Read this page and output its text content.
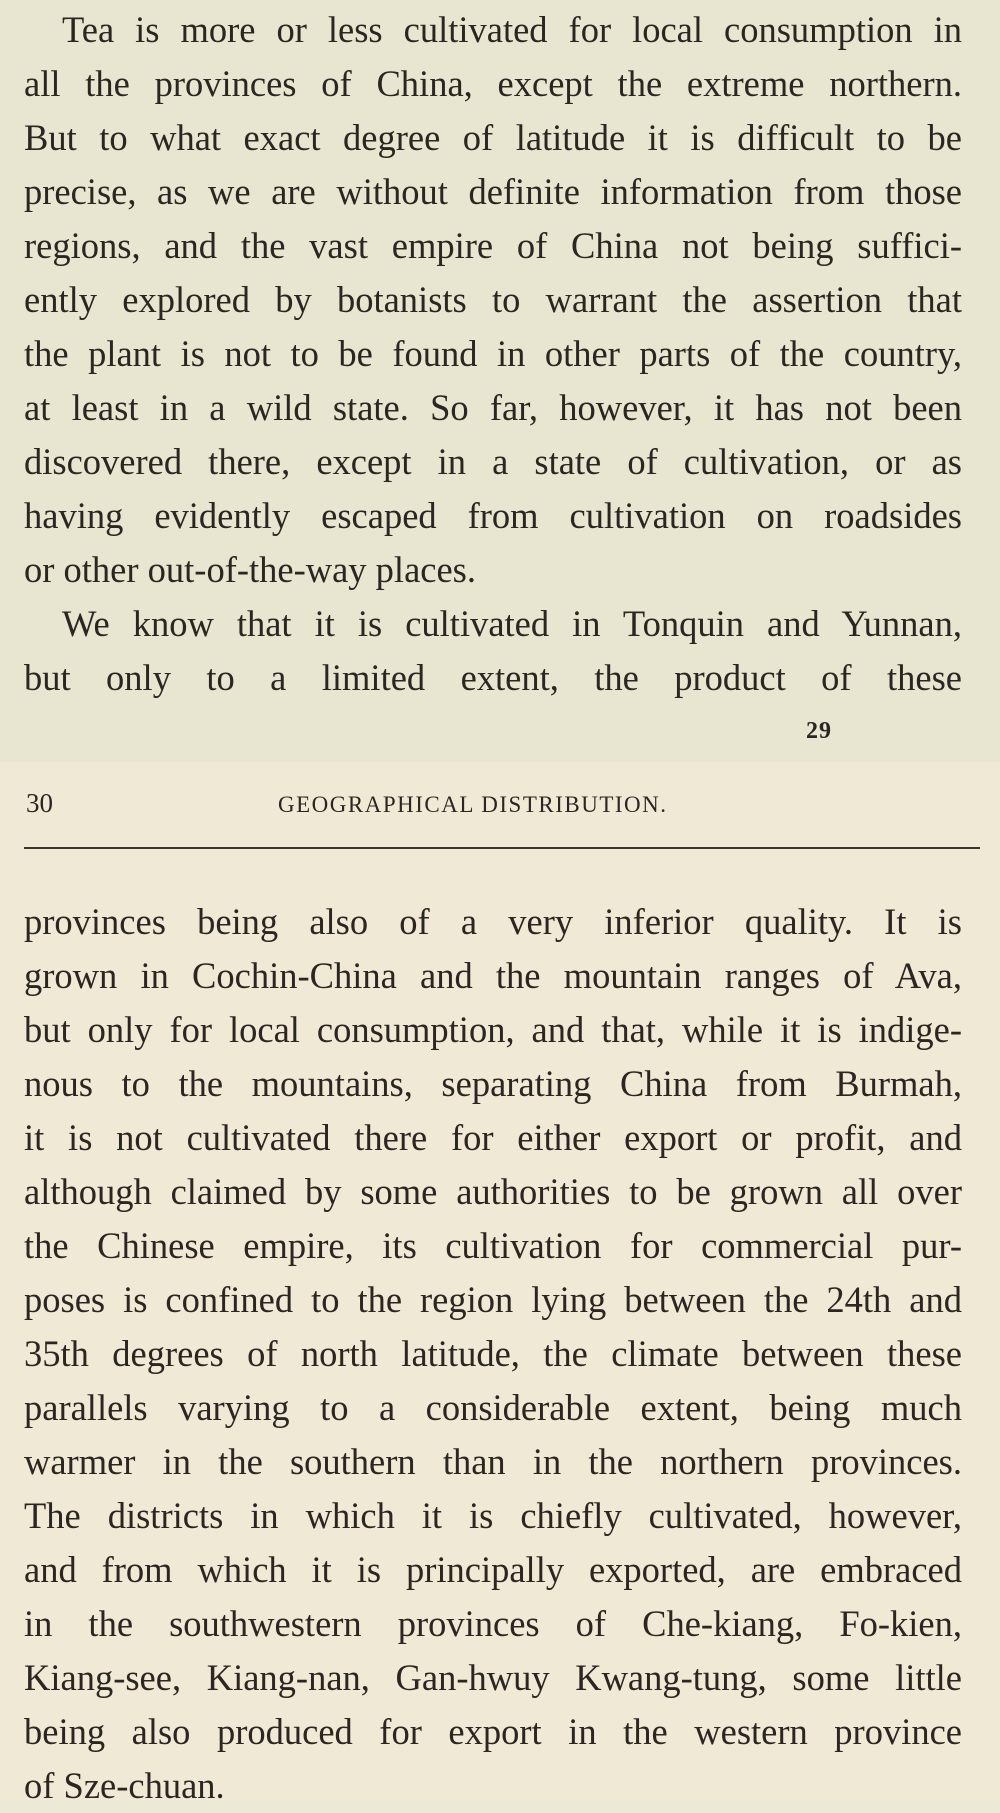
Tea is more or less cultivated for local consumption in
all the provinces of China, except the extreme northern.
But to what exact degree of latitude it is difficult to be
precise, as we are without definite information from those
regions, and the vast empire of China not being suffici-
ently explored by botanists to warrant the assertion that
the plant is not to be found in other parts of the country,
at least in a wild state. So far, however, it has not been
discovered there, except in a state of cultivation, or as
having evidently escaped from cultivation on roadsides
or other out-of-the-way places.

We know that it is cultivated in Tonquin and Yunnan,
but only to a limited extent, the product of these

29
30	GEOGRAPHICAL DISTRIBUTION.

provinces being also of a very inferior quality. It is
grown in Cochin-China and the mountain ranges of Ava,
but only for local consumption, and that, while it is indige-
nous to the mountains, separating China from Burmah,
it is not cultivated there for either export or profit, and
although claimed by some authorities to be grown all over
the Chinese empire, its cultivation for commercial pur-
poses is confined to the region lying between the 24th and
35th degrees of north latitude, the climate between these
parallels varying to a considerable extent, being much
warmer in the southern than in the northern provinces.
The districts in which it is chiefly cultivated, however,
and from which it is principally exported, are embraced
in the southwestern provinces of Che-kiang, Fo-kien,
Kiang-see, Kiang-nan, Gan-hwuy Kwang-tung, some little
being also produced for export in the western province
of Sze-chuan.
